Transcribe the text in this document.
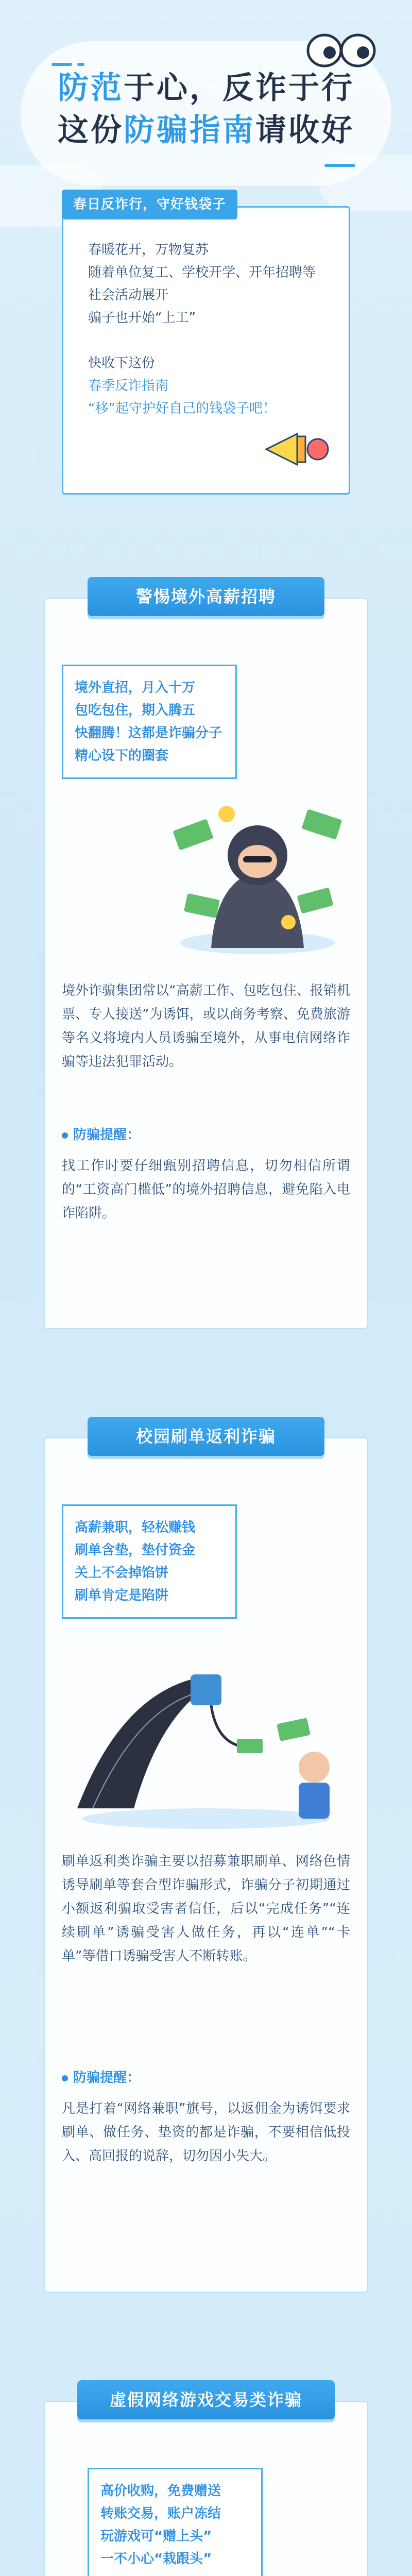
防范于心，反诈于行
这份防骗指南请收好

春暖花开，万物复苏

随着单位复工、学校开学、开年招聘等

社会活动展开

骗子也开始“上工”

快收下这份

春季反诈指南

“移”起守护好自己的钱袋子吧！

春日反诈行，守好钱袋子
警惕境外高薪招聘

境外直招，月入十万

包吃包住，期入腾五

快翻腾！这都是诈骗分子

精心设下的圈套

境外诈骗集团常以“高薪工作、包吃包住、报销机票、专人接送”为诱饵，或以商务考察、免费旅游等名义将境内人员诱骗至境外，从事电信网络诈骗等违法犯罪活动。
防骗提醒：
找工作时要仔细甄别招聘信息，切勿相信所谓的“工资高门槛低”的境外招聘信息，避免陷入电诈陷阱。
校园刷单返利诈骗

高薪兼职，轻松赚钱

刷单含垫，垫付资金

关上不会掉馅饼

刷单肯定是陷阱

刷单返利类诈骗主要以招募兼职刷单、网络色情诱导刷单等套合型诈骗形式，诈骗分子初期通过小额返利骗取受害者信任，后以“完成任务”“连续刷单”诱骗受害人做任务，再以“连单”“卡单”等借口诱骗受害人不断转账。
防骗提醒：
凡是打着“网络兼职”旗号，以返佣金为诱饵要求刷单、做任务、垫资的都是诈骗，不要相信低投入、高回报的说辞，切勿因小失大。
虚假网络游戏交易类诈骗

高价收购，免费赠送

转账交易，账户冻结

玩游戏可“赠上头”

一不小心“栽跟头”
